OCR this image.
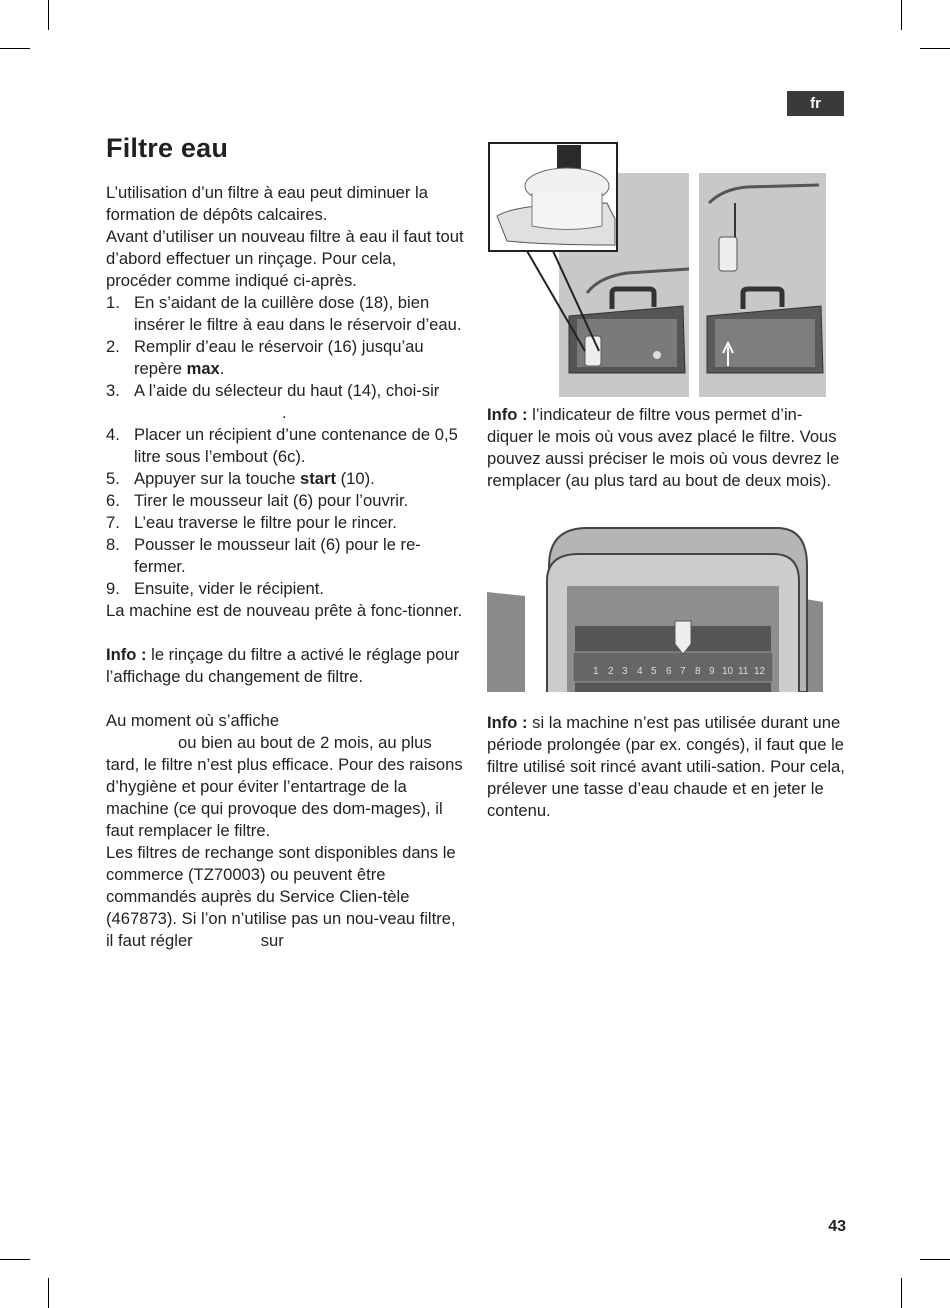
fr
Filtre eau

L’utilisation d’un filtre à eau peut diminuer la formation de dépôts calcaires.

Avant d’utiliser un nouveau filtre à eau il faut tout d’abord effectuer un rinçage. Pour cela, procéder comme indiqué ci-après.

1. En s’aidant de la cuillère dose (18), bien insérer le filtre à eau dans le réservoir d’eau.
2. Remplir d’eau le réservoir (16) jusqu’au repère max.
3. A l’aide du sélecteur du haut (14), choi-sir.
4. Placer un récipient d’une contenance de 0,5 litre sous l’embout (6c).
5. Appuyer sur la touche start (10).
6. Tirer le mousseur lait (6) pour l’ouvrir.
7. L’eau traverse le filtre pour le rincer.
8. Pousser le mousseur lait (6) pour le re-fermer.
9. Ensuite, vider le récipient.

La machine est de nouveau prête à fonc-tionner.

Info : le rinçage du filtre a activé le réglage pour l’affichage du changement de filtre.

Au moment où s’affiche
ou bien au bout de 2 mois, au plus tard, le filtre n’est plus efficace. Pour des raisons d’hygiène et pour éviter l’entartrage de la machine (ce qui provoque des dom-mages), il faut remplacer le filtre.

Les filtres de rechange sont disponibles dans le commerce (TZ70003) ou peuvent être commandés auprès du Service Clien-tèle (467873). Si l’on n’utilise pas un nou-veau filtre, il faut régler	sur

Info : l’indicateur de filtre vous permet d’in-diquer le mois où vous avez placé le filtre. Vous pouvez aussi préciser le mois où vous devrez le remplacer (au plus tard au bout de deux mois).

1 2 3 4 5 6 7 8 9 10 11 12

Info : si la machine n’est pas utilisée durant une période prolongée (par ex. congés), il faut que le filtre utilisé soit rincé avant utili-sation. Pour cela, prélever une tasse d’eau chaude et en jeter le contenu.

43
